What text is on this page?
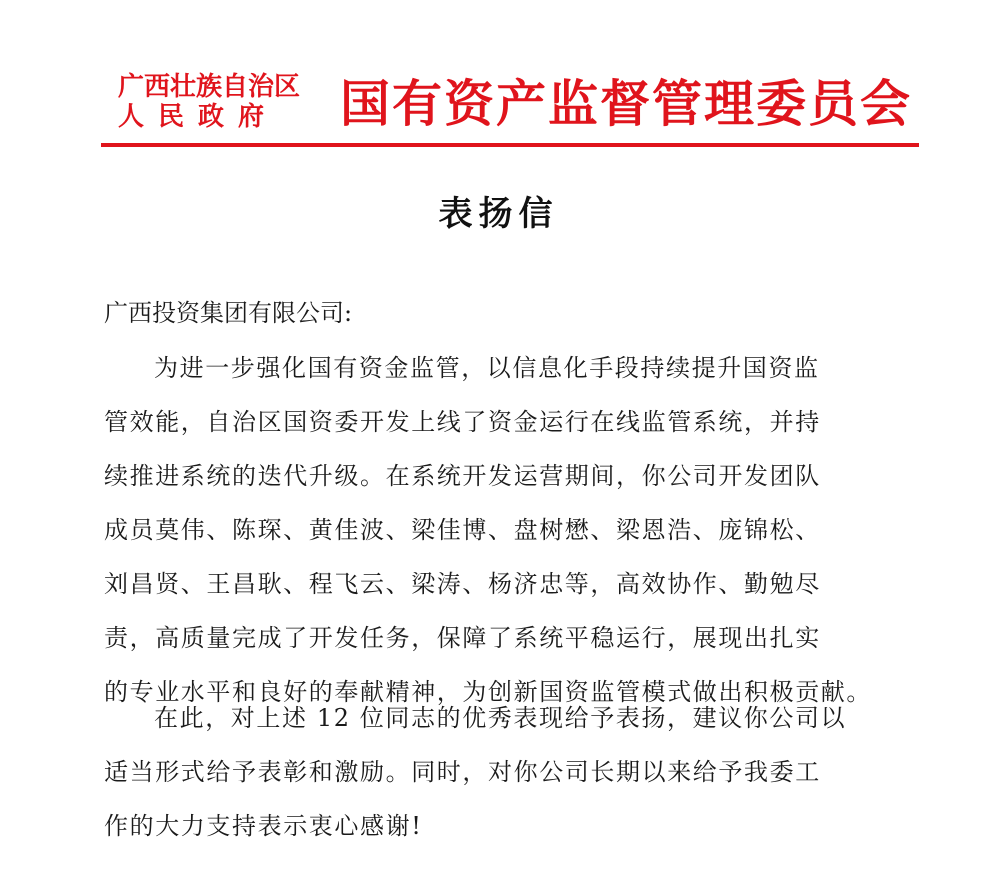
广西壮族自治区
人民政府	国有资产监督管理委员会
表扬信
广西投资集团有限公司:
为进一步强化国有资金监管，以信息化手段持续提升国资监
管效能，自治区国资委开发上线了资金运行在线监管系统，并持
续推进系统的迭代升级。在系统开发运营期间，你公司开发团队
成员莫伟、陈琛、黄佳波、梁佳博、盘树懋、梁恩浩、庞锦松、
刘昌贤、王昌耿、程飞云、梁涛、杨济忠等，高效协作、勤勉尽
责，高质量完成了开发任务，保障了系统平稳运行，展现出扎实
的专业水平和良好的奉献精神，为创新国资监管模式做出积极贡献。
在此，对上述 12 位同志的优秀表现给予表扬，建议你公司以
适当形式给予表彰和激励。同时，对你公司长期以来给予我委工
作的大力支持表示衷心感谢!
